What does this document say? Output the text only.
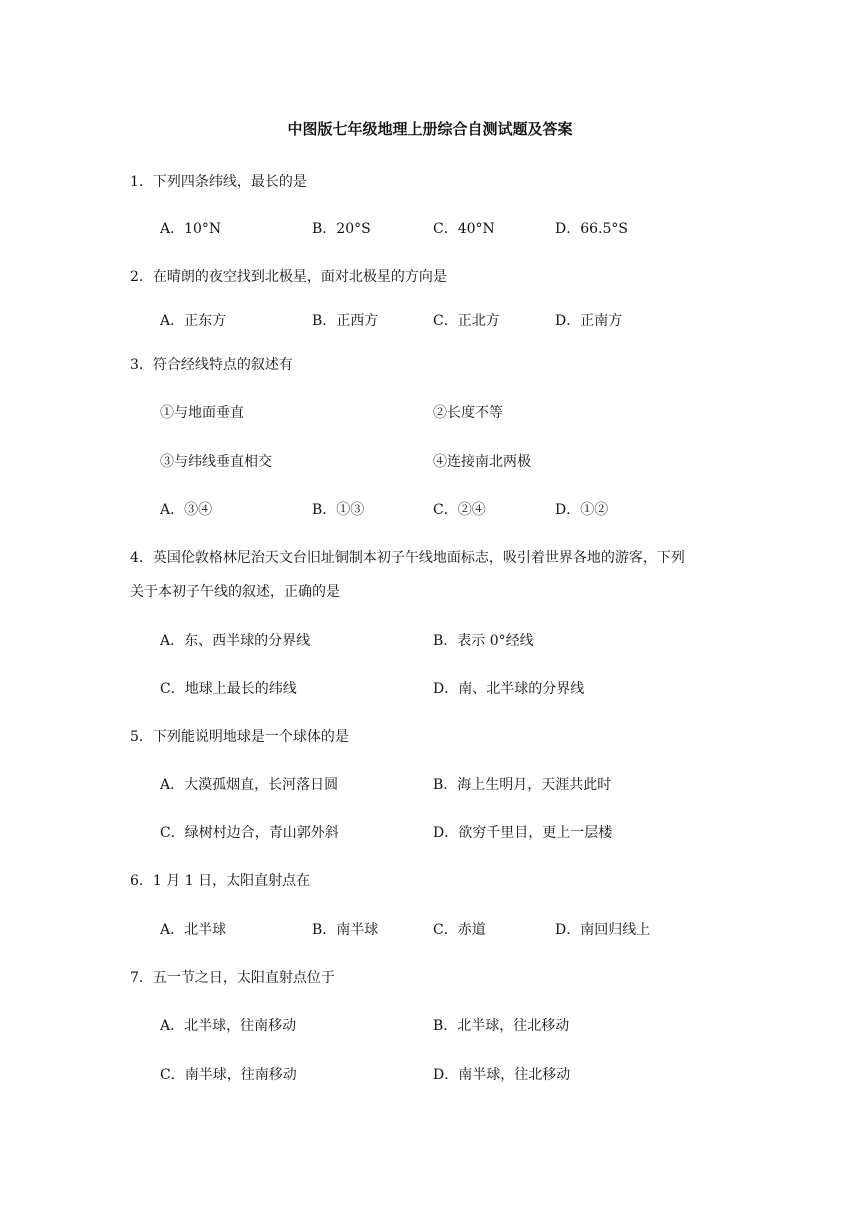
中图版七年级地理上册综合自测试题及答案
1．下列四条纬线，最长的是
A．10°N	B．20°S	C．40°N	D．66.5°S
2．在晴朗的夜空找到北极星，面对北极星的方向是
A．正东方	B．正西方	C．正北方	D．正南方
3．符合经线特点的叙述有
①与地面垂直	②长度不等
③与纬线垂直相交	④连接南北两极
A．③④	B．①③	C．②④	D．①②
4．英国伦敦格林尼治天文台旧址铜制本初子午线地面标志，吸引着世界各地的游客，下列
关于本初子午线的叙述，正确的是
A．东、西半球的分界线	B．表示 0°经线
C．地球上最长的纬线	D．南、北半球的分界线
5．下列能说明地球是一个球体的是
A．大漠孤烟直，长河落日圆	B．海上生明月，天涯共此时
C．绿树村边合，青山郭外斜	D．欲穷千里目，更上一层楼
6．1 月 1 日，太阳直射点在
A．北半球	B．南半球	C．赤道	D．南回归线上
7．五一节之日，太阳直射点位于
A．北半球，往南移动	B．北半球，往北移动
C．南半球，往南移动	D．南半球，往北移动
